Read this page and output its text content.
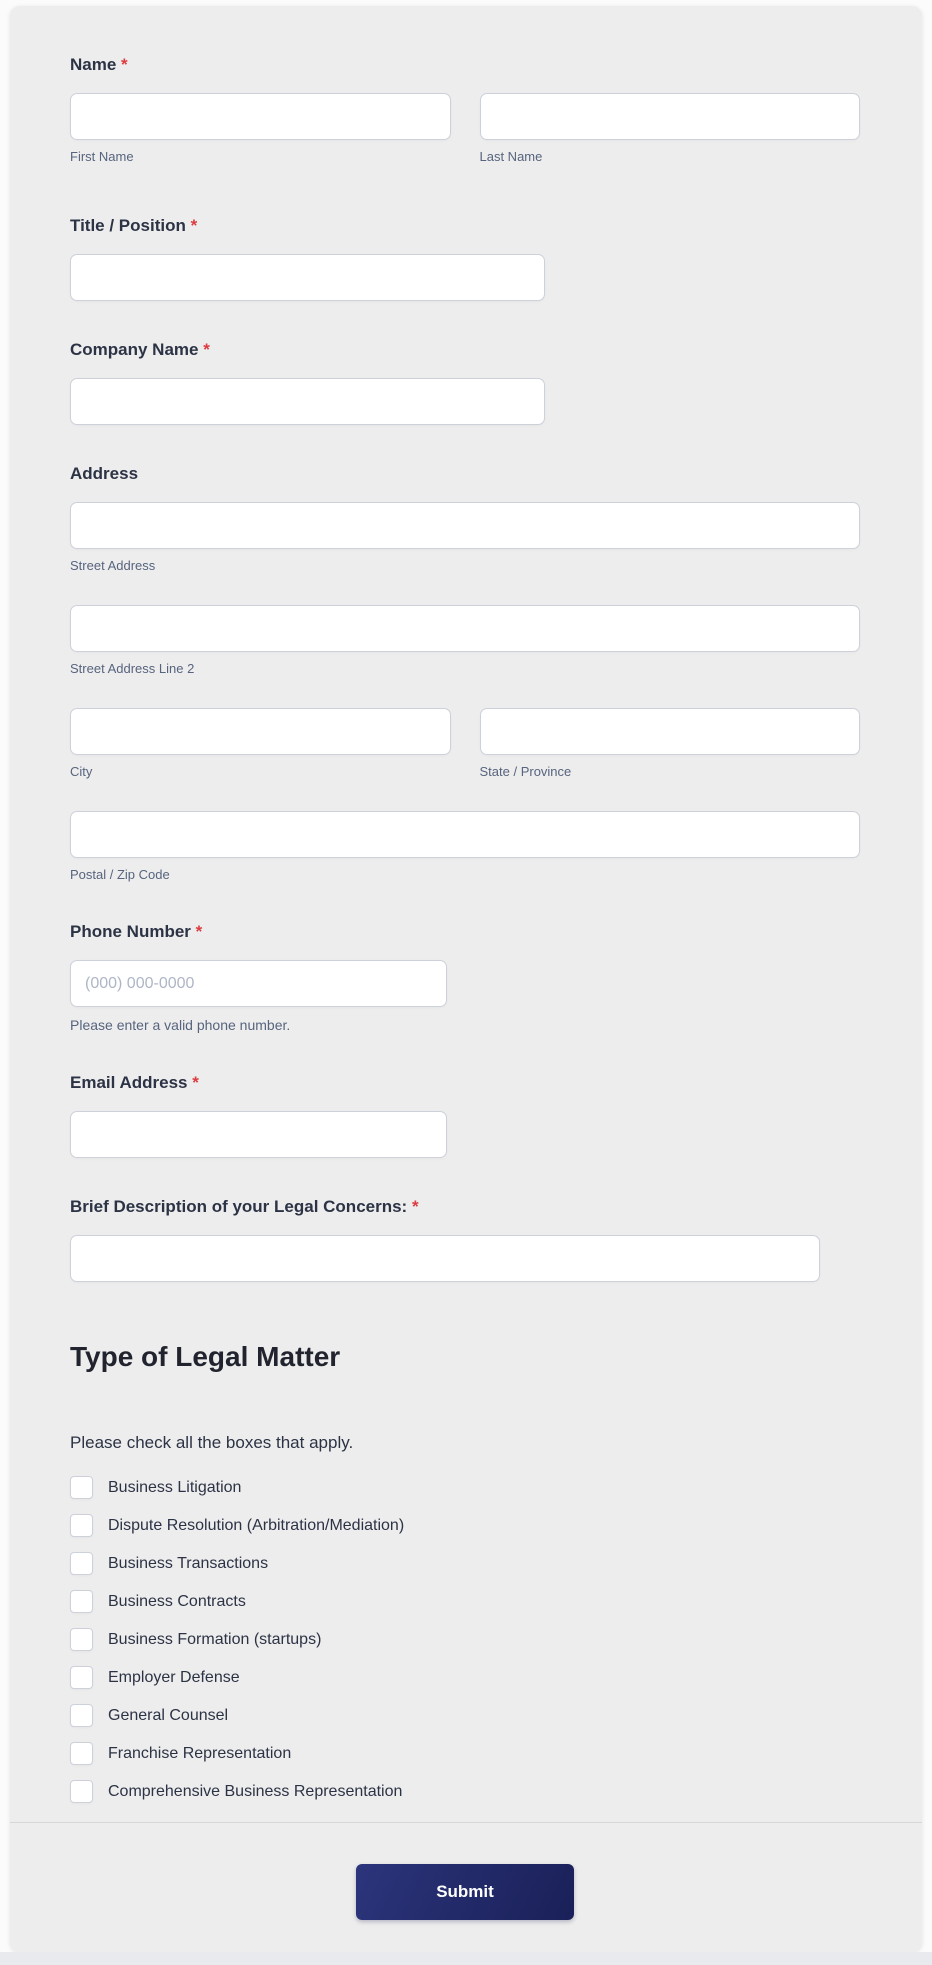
Name *
First Name	Last Name
Title / Position *
Company Name *
Address
Street Address
Street Address Line 2
City	State / Province
Postal / Zip Code
Phone Number *
(000) 000-0000
Please enter a valid phone number.
Email Address *
Brief Description of your Legal Concerns: *
Type of Legal Matter
Please check all the boxes that apply.
Business Litigation
Dispute Resolution (Arbitration/Mediation)
Business Transactions
Business Contracts
Business Formation (startups)
Employer Defense
General Counsel
Franchise Representation
Comprehensive Business Representation
Submit
